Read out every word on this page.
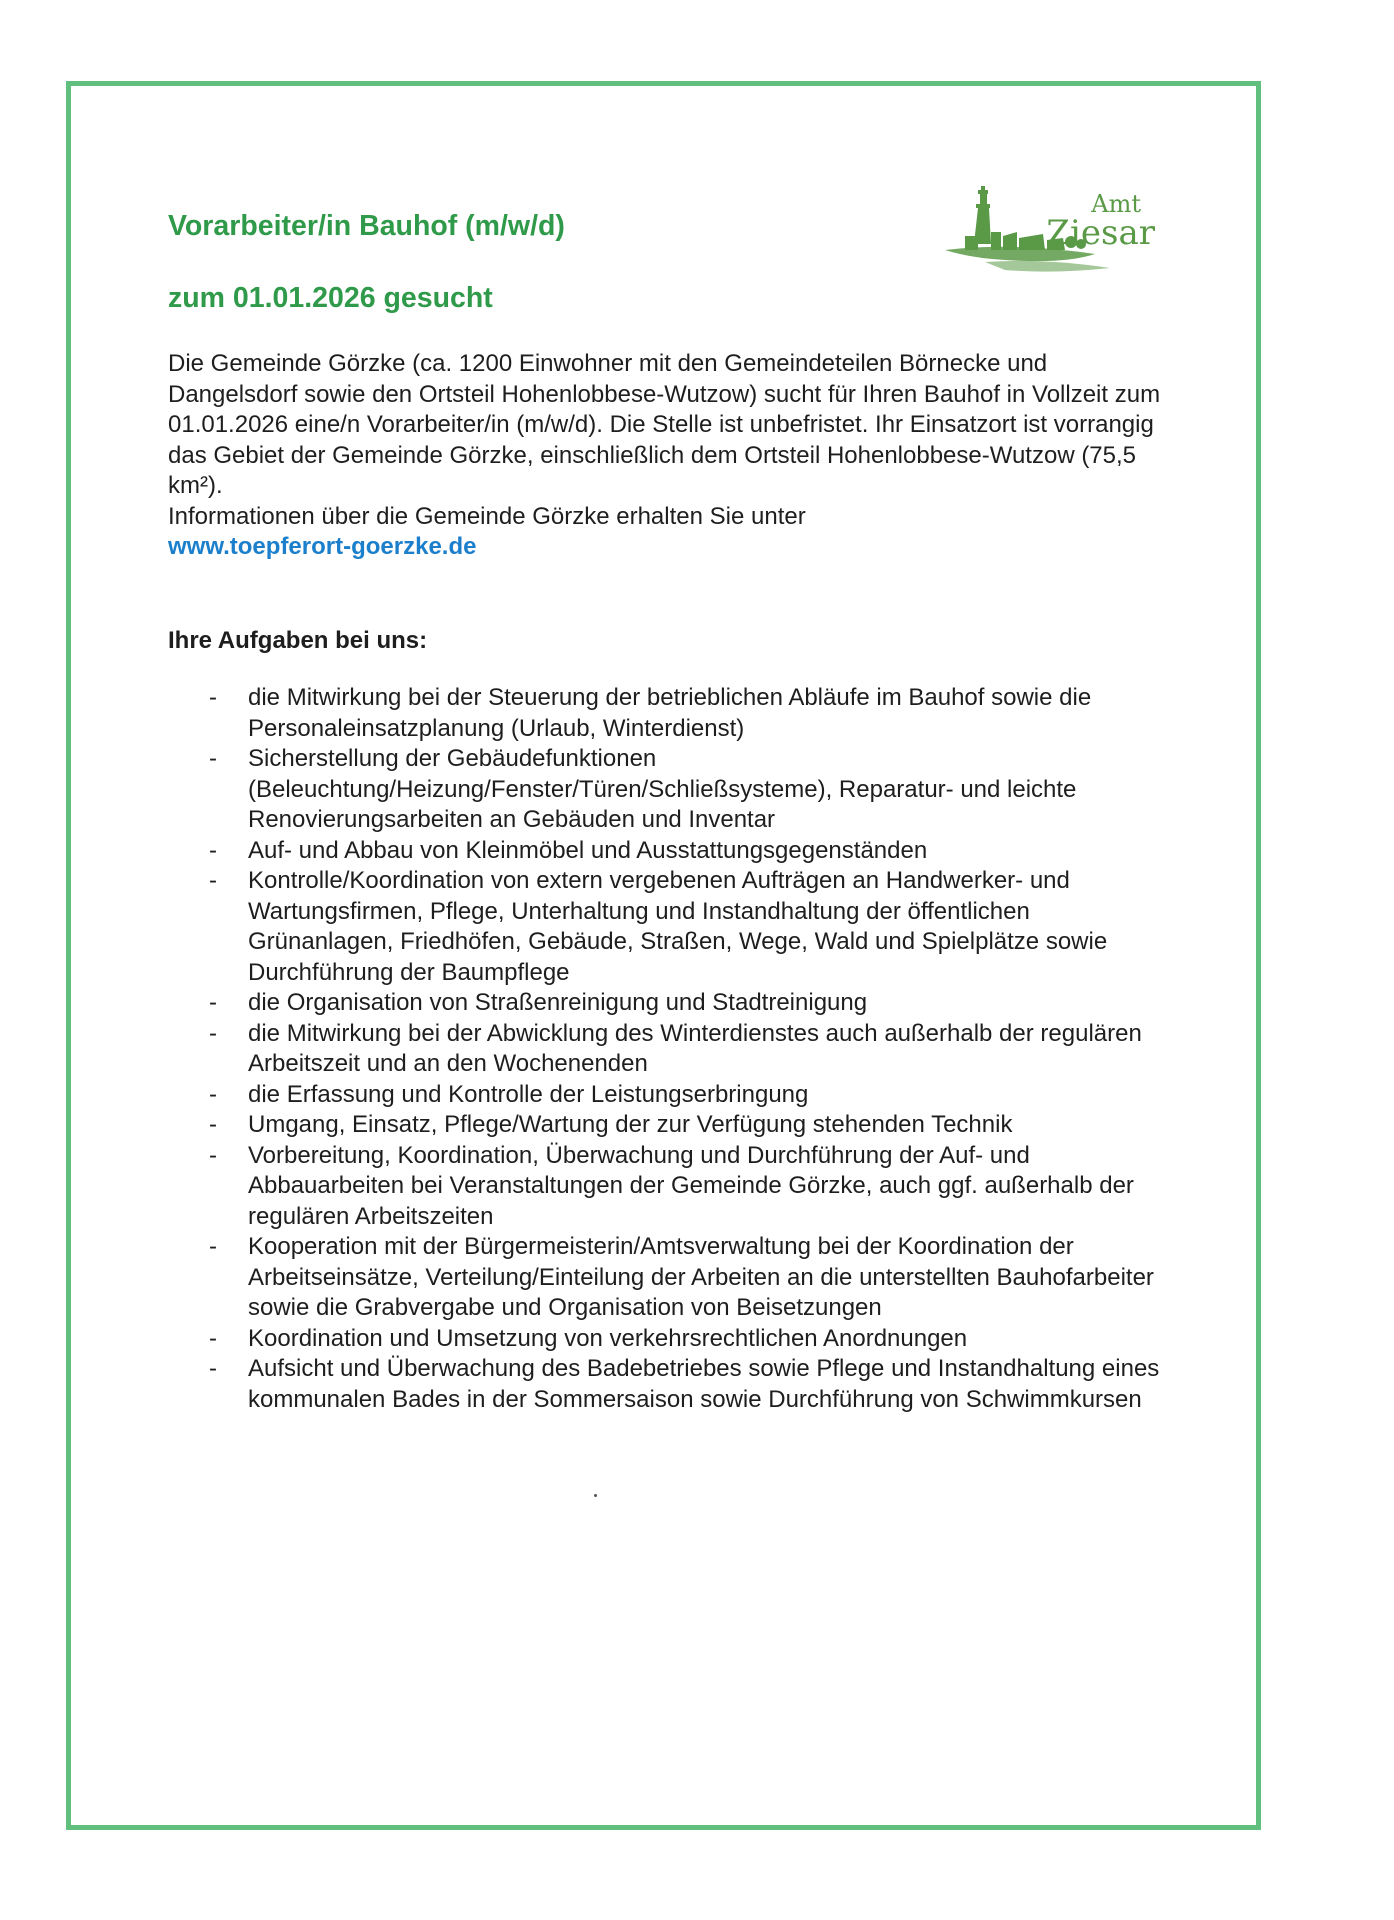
Amt
Ziesar
Vorarbeiter/in Bauhof (m/w/d)
zum 01.01.2026 gesucht

Die Gemeinde Görzke (ca. 1200 Einwohner mit den Gemeindeteilen Börnecke und Dangelsdorf sowie den Ortsteil Hohenlobbese-Wutzow) sucht für Ihren Bauhof in Vollzeit zum 01.01.2026 eine/n Vorarbeiter/in (m/w/d). Die Stelle ist unbefristet. Ihr Einsatzort ist vorrangig das Gebiet der Gemeinde Görzke, einschließlich dem Ortsteil Hohenlobbese-Wutzow (75,5 km²).

Informationen über die Gemeinde Görzke erhalten Sie unter

www.toepferort-goerzke.de
Ihre Aufgaben bei uns:
- die Mitwirkung bei der Steuerung der betrieblichen Abläufe im Bauhof sowie die Personaleinsatzplanung (Urlaub, Winterdienst)
- Sicherstellung der Gebäudefunktionen (Beleuchtung/Heizung/Fenster/Türen/Schließsysteme), Reparatur- und leichte Renovierungsarbeiten an Gebäuden und Inventar
- Auf- und Abbau von Kleinmöbel und Ausstattungsgegenständen
- Kontrolle/Koordination von extern vergebenen Aufträgen an Handwerker- und Wartungsfirmen, Pflege, Unterhaltung und Instandhaltung der öffentlichen Grünanlagen, Friedhöfen, Gebäude, Straßen, Wege, Wald und Spielplätze sowie Durchführung der Baumpflege
- die Organisation von Straßenreinigung und Stadtreinigung
- die Mitwirkung bei der Abwicklung des Winterdienstes auch außerhalb der regulären Arbeitszeit und an den Wochenenden
- die Erfassung und Kontrolle der Leistungserbringung
- Umgang, Einsatz, Pflege/Wartung der zur Verfügung stehenden Technik
- Vorbereitung, Koordination, Überwachung und Durchführung der Auf- und Abbauarbeiten bei Veranstaltungen der Gemeinde Görzke, auch ggf. außerhalb der regulären Arbeitszeiten
- Kooperation mit der Bürgermeisterin/Amtsverwaltung bei der Koordination der Arbeitseinsätze, Verteilung/Einteilung der Arbeiten an die unterstellten Bauhofarbeiter sowie die Grabvergabe und Organisation von Beisetzungen
- Koordination und Umsetzung von verkehrsrechtlichen Anordnungen
- Aufsicht und Überwachung des Badebetriebes sowie Pflege und Instandhaltung eines kommunalen Bades in der Sommersaison sowie Durchführung von Schwimmkursen
